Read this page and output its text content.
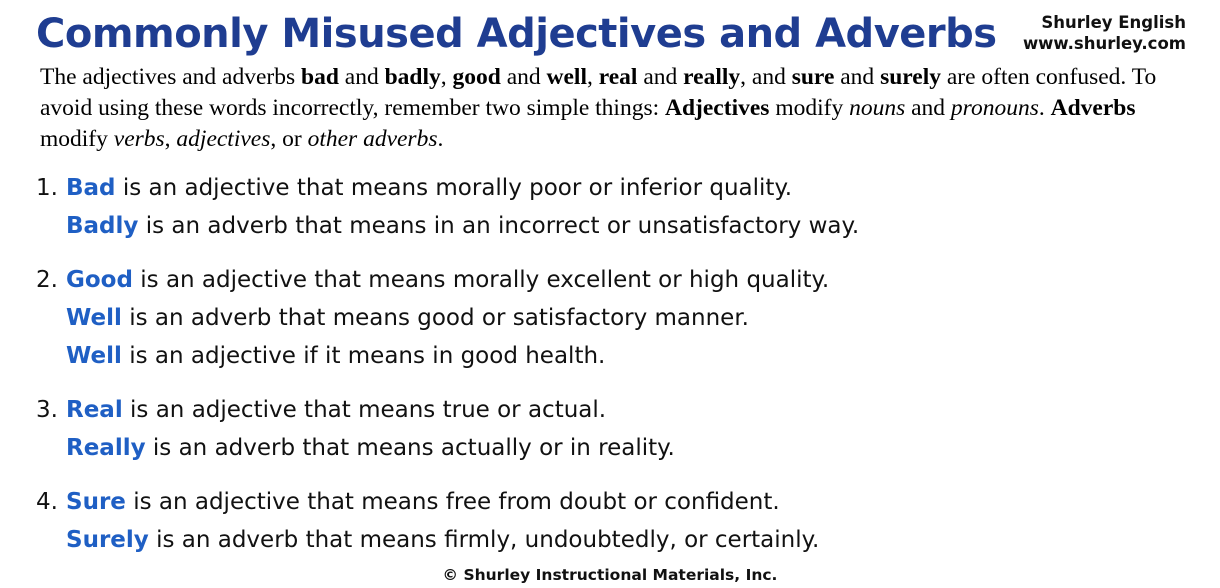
Commonly Misused Adjectives and Adverbs	Shurley English
www.shurley.com

The adjectives and adverbs bad and badly, good and well, real and really, and sure and surely are often confused. To avoid using these words incorrectly, remember two simple things: Adjectives modify nouns and pronouns. Adverbs modify verbs, adjectives, or other adverbs.

1. Bad is an adjective that means morally poor or inferior quality.
Badly is an adverb that means in an incorrect or unsatisfactory way.
2. Good is an adjective that means morally excellent or high quality.
Well is an adverb that means good or satisfactory manner.
Well is an adjective if it means in good health.
3. Real is an adjective that means true or actual.
Really is an adverb that means actually or in reality.
4. Sure is an adjective that means free from doubt or confident.
Surely is an adverb that means firmly, undoubtedly, or certainly.
© Shurley Instructional Materials, Inc.
